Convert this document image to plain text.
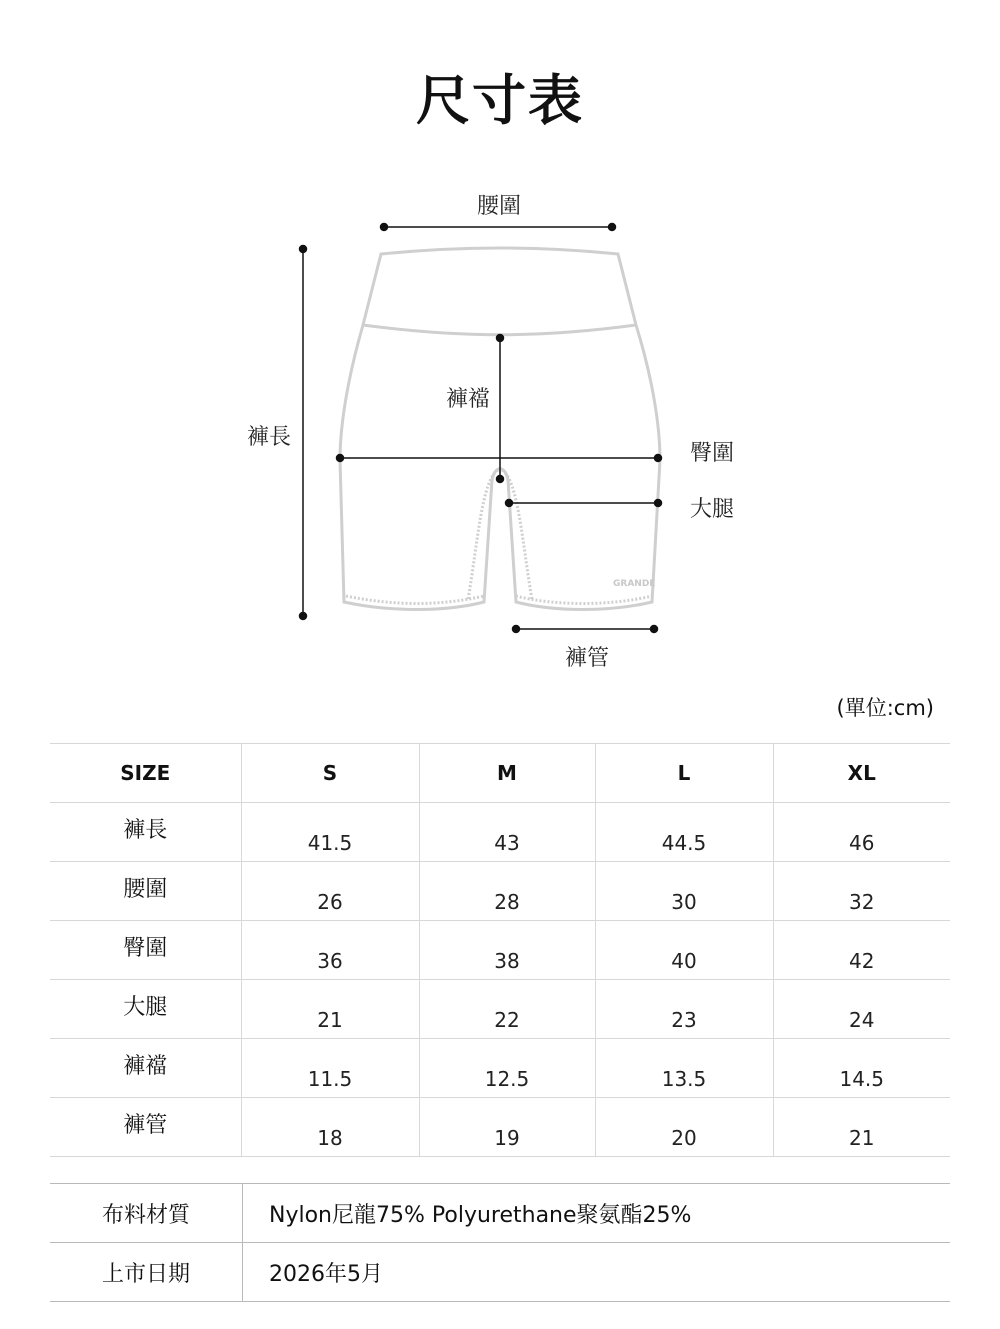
尺寸表
GRANDE
腰圍
褲襠
褲長
臀圍
大腿
褲管
(單位:cm)
SIZE	S	M	L	XL
褲長	41.5	43	44.5	46
腰圍	26	28	30	32
臀圍	36	38	40	42
大腿	21	22	23	24
褲襠	11.5	12.5	13.5	14.5
褲管	18	19	20	21
布料材質	Nylon尼龍75% Polyurethane聚氨酯25%
上市日期	2026年5月
